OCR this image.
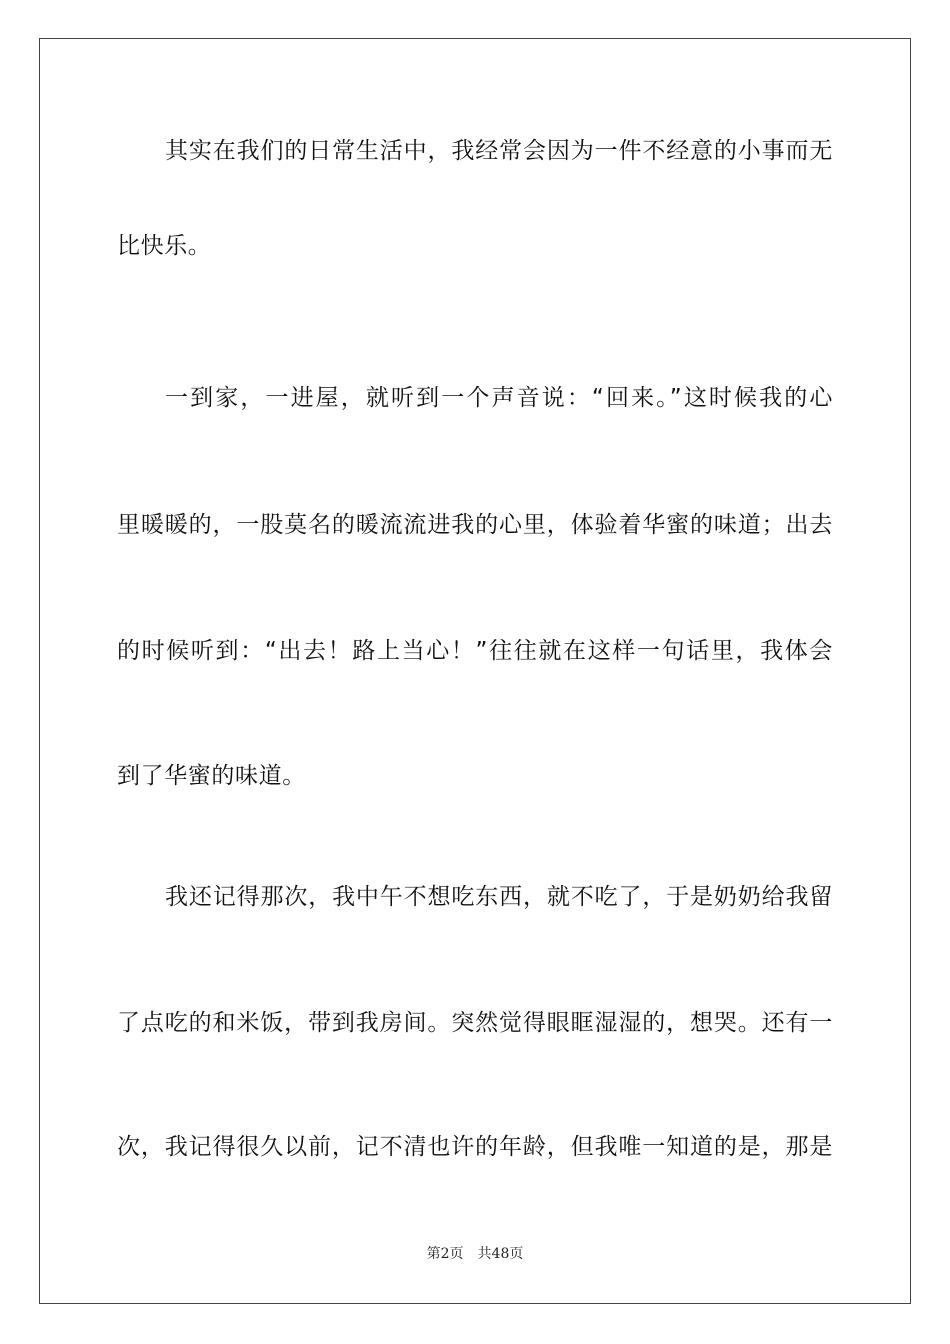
其实在我们的日常生活中，我经常会因为一件不经意的小事而无
比快乐。
一到家，一进屋，就听到一个声音说：“回来。”这时候我的心
里暖暖的，一股莫名的暖流流进我的心里，体验着华蜜的味道；出去
的时候听到：“出去！路上当心！”往往就在这样一句话里，我体会
到了华蜜的味道。
我还记得那次，我中午不想吃东西，就不吃了，于是奶奶给我留
了点吃的和米饭，带到我房间。突然觉得眼眶湿湿的，想哭。还有一
次，我记得很久以前，记不清也许的年龄，但我唯一知道的是，那是
第2页 共48页
